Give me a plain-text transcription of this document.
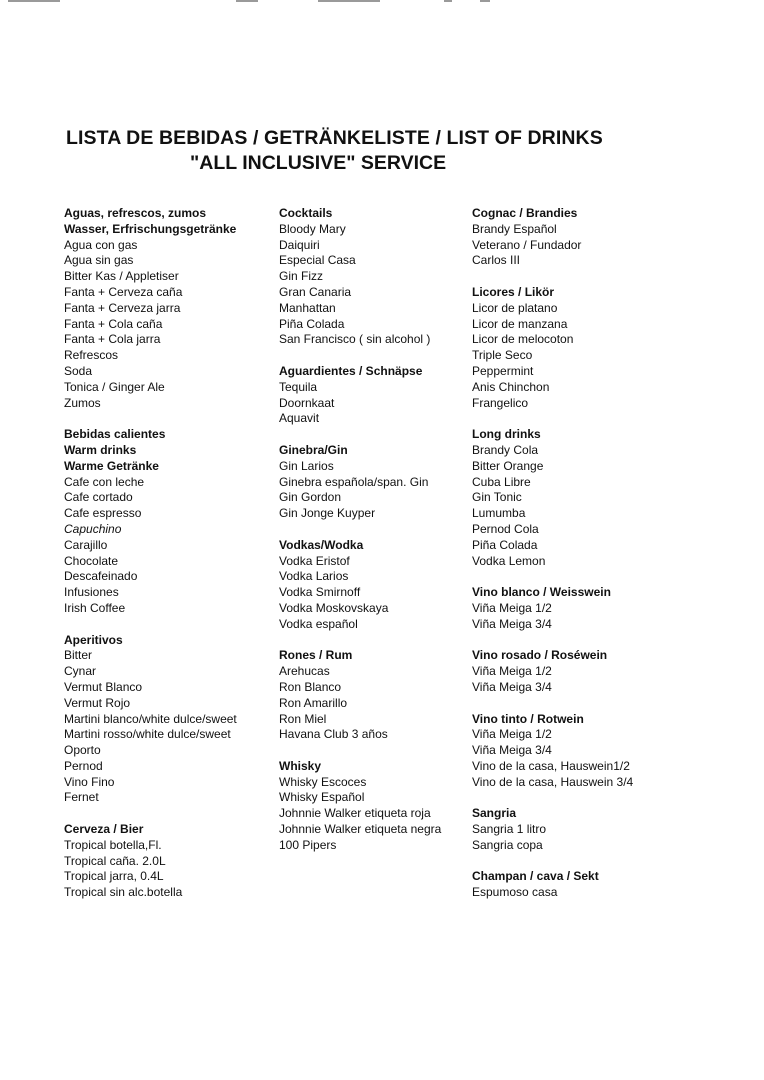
LISTA DE BEBIDAS / GETRÄNKELISTE / LIST OF DRINKS
"ALL INCLUSIVE" SERVICE
Aguas, refrescos, zumos
Wasser, Erfrischungsgetränke
Agua con gas
Agua sin gas
Bitter Kas / Appletiser
Fanta + Cerveza caña
Fanta + Cerveza jarra
Fanta + Cola caña
Fanta + Cola jarra
Refrescos
Soda
Tonica / Ginger Ale
Zumos
Bebidas calientes
Warm drinks
Warme Getränke
Cafe con leche
Cafe cortado
Cafe espresso
Capuchino
Carajillo
Chocolate
Descafeinado
Infusiones
Irish Coffee
Aperitivos
Bitter
Cynar
Vermut Blanco
Vermut Rojo
Martini blanco/white dulce/sweet
Martini rosso/white dulce/sweet
Oporto
Pernod
Vino Fino
Fernet
Cerveza / Bier
Tropical botella,Fl.
Tropical caña. 2.0L
Tropical jarra, 0.4L
Tropical sin alc.botella
Cocktails
Bloody Mary
Daiquiri
Especial Casa
Gin Fizz
Gran Canaria
Manhattan
Piña Colada
San Francisco ( sin alcohol )
Aguardientes / Schnäpse
Tequila
Doornkaat
Aquavit
Ginebra/Gin
Gin Larios
Ginebra española/span. Gin
Gin Gordon
Gin Jonge Kuyper
Vodkas/Wodka
Vodka Eristof
Vodka Larios
Vodka Smirnoff
Vodka Moskovskaya
Vodka español
Rones / Rum
Arehucas
Ron Blanco
Ron Amarillo
Ron Miel
Havana Club 3 años
Whisky
Whisky Escoces
Whisky Español
Johnnie Walker etiqueta roja
Johnnie Walker etiqueta negra
100 Pipers
Cognac / Brandies
Brandy Español
Veterano / Fundador
Carlos III
Licores / Likör
Licor de platano
Licor de manzana
Licor de melocoton
Triple Seco
Peppermint
Anis Chinchon
Frangelico
Long drinks
Brandy Cola
Bitter Orange
Cuba Libre
Gin Tonic
Lumumba
Pernod Cola
Piña Colada
Vodka Lemon
Vino blanco / Weisswein
Viña Meiga 1/2
Viña Meiga 3/4
Vino rosado / Roséwein
Viña Meiga 1/2
Viña Meiga 3/4
Vino tinto / Rotwein
Viña Meiga 1/2
Viña Meiga 3/4
Vino de la casa, Hauswein1/2
Vino de la casa, Hauswein 3/4
Sangria
Sangria 1 litro
Sangria copa
Champan / cava / Sekt
Espumoso casa
